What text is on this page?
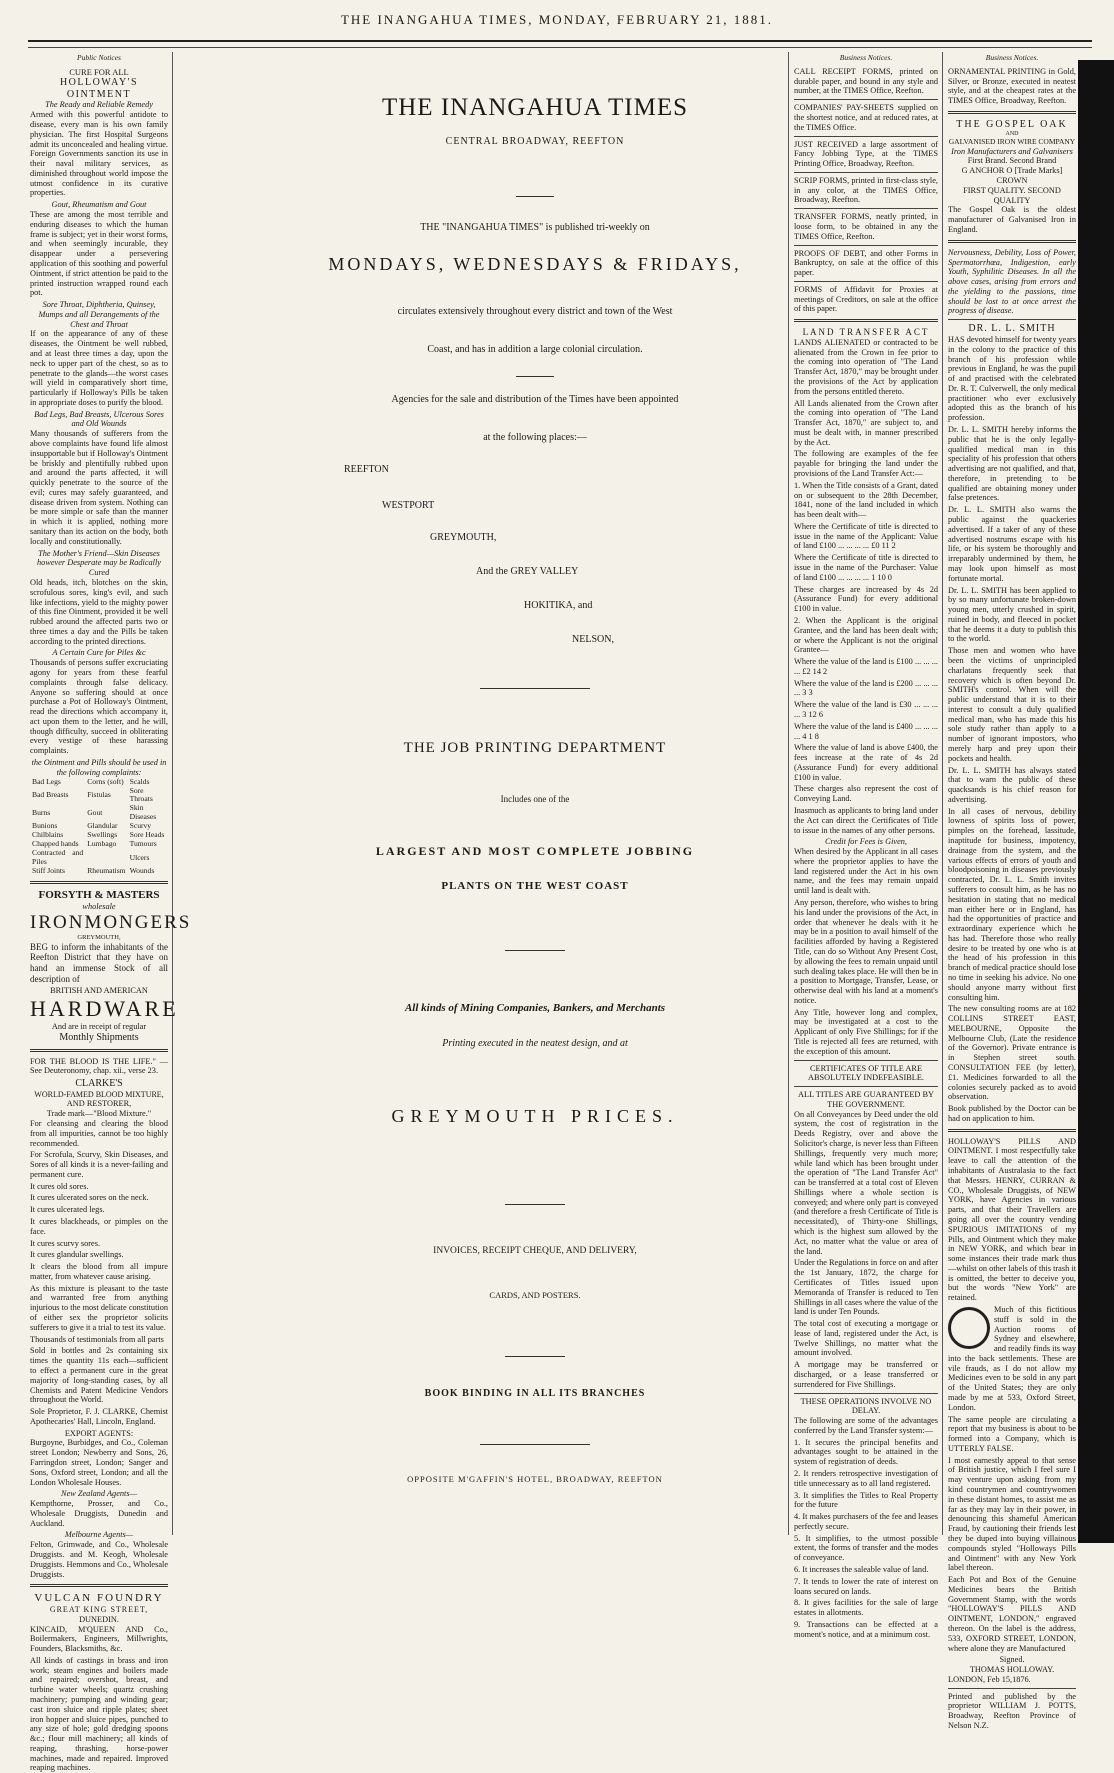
THE INANGAHUA TIMES, MONDAY, FEBRUARY 21, 1881.
Public Notices
CURE FOR ALL
HOLLOWAY'S OINTMENT
The Ready and Reliable Remedy

Armed with this powerful antidote to disease, every man is his own family physician. The first Hospital Surgeons admit its unconcealed and healing virtue. Foreign Governments sanction its use in their naval military services, as diminished throughout world impose the utmost confidence in its curative properties.

Gout, Rheumatism and Gout

These are among the most terrible and enduring diseases to which the human frame is subject; yet in their worst forms, and when seemingly incurable, they disappear under a persevering application of this soothing and powerful Ointment, if strict attention be paid to the printed instruction wrapped round each pot.

Sore Throat, Diphtheria, Quinsey, Mumps and all Derangements of the Chest and Throat

If on the appearance of any of these diseases, the Ointment be well rubbed, and at least three times a day, upon the neck to upper part of the chest, so as to penetrate to the glands—the worst cases will yield in comparatively short time, particularly if Holloway's Pills be taken in appropriate doses to purify the blood.

Bad Legs, Bad Breasts, Ulcerous Sores and Old Wounds

Many thousands of sufferers from the above complaints have found life almost insupportable but if Holloway's Ointment be briskly and plentifully rubbed upon and around the parts affected, it will quickly penetrate to the source of the evil; cures may safely guaranteed, and disease driven from system. Nothing can be more simple or safe than the manner in which it is applied, nothing more sanitary than its action on the body, both locally and constitutionally.

The Mother's Friend—Skin Diseases however Desperate may be Radically Cured

Old heads, itch, blotches on the skin, scrofulous sores, king's evil, and such like infections, yield to the mighty power of this fine Ointment, provided it be well rubbed around the affected parts two or three times a day and the Pills be taken according to the printed directions.

A Certain Cure for Piles &c

Thousands of persons suffer excruciating agony for years from these fearful complaints through false delicacy. Anyone so suffering should at once purchase a Pot of Holloway's Ointment, read the directions which accompany it, act upon them to the letter, and he will, though difficulty, succeed in obliterating every vestige of these harassing complaints.

the Ointment and Pills should be used in the following complaints:
Bad Legs	Corns (soft)	Scalds
Bad Breasts	Fistulas	Sore Throats
Burns	Gout	Skin Diseases
Bunions	Glandular	Scurvy
Chilblains	Swellings	Sore Heads
Chapped hands	Lumbago	Tumours
Contracted and Piles		Ulcers
Stiff Joints	Rheumatism	Wounds
FORSYTH & MASTERS
wholesale
IRONMONGERS
GREYMOUTH,

BEG to inform the inhabitants of the Reefton District that they have on hand an immense Stock of all description of

BRITISH AND AMERICAN
HARDWARE
And are in receipt of regular
Monthly Shipments

FOR THE BLOOD IS THE LIFE." —See Deuteronomy, chap. xii., verse 23.

CLARKE'S
WORLD-FAMED BLOOD MIXTURE,
AND RESTORER,
Trade mark—"Blood Mixture."

For cleansing and clearing the blood from all impurities, cannot be too highly recommended.

For Scrofula, Scurvy, Skin Diseases, and Sores of all kinds it is a never-failing and permanent cure.

It cures old sores.

It cures ulcerated sores on the neck.

It cures ulcerated legs.

It cures blackheads, or pimples on the face.

It cures scurvy sores.

It cures glandular swellings.

It clears the blood from all impure matter, from whatever cause arising.

As this mixture is pleasant to the taste and warranted free from anything injurious to the most delicate constitution of either sex the proprietor solicits sufferers to give it a trial to test its value.

Thousands of testimonials from all parts

Sold in bottles and 2s containing six times the quantity 11s each—sufficient to effect a permanent cure in the great majority of long-standing cases, by all Chemists and Patent Medicine Vendors throughout the World.

Sole Proprietor, F. J. CLARKE, Chemist Apothecaries' Hall, Lincoln, England.

EXPORT AGENTS:

Burgoyne, Burbidges, and Co., Coleman street London; Newberry and Sons, 26, Farringdon street, London; Sanger and Sons, Oxford street, London; and all the London Wholesale Houses.

New Zealand Agents—

Kempthorne, Prosser, and Co., Wholesale Druggists, Dunedin and Auckland.

Melbourne Agents—

Felton, Grimwade, and Co., Wholesale Druggists. and M. Keogh, Wholesale Druggists. Hemmons and Co., Wholesale Druggists.

VULCAN FOUNDRY
GREAT KING STREET,
DUNEDIN.

KINCAID, M'QUEEN AND Co., Boilermakers, Engineers, Millwrights, Founders, Blacksmiths, &c.

All kinds of castings in brass and iron work; steam engines and boilers made and repaired; overshot, breast, and turbine water wheels; quartz crushing machinery; pumping and winding gear; cast iron sluice and ripple plates; sheet iron hopper and sluice pipes, punched to any size of hole; gold dredging spoons &c.; flour mill machinery; all kinds of reaping, thrashing, horse-power machines, made and repaired. Improved reaping machines.

THE INANGAHUA TIMES
CENTRAL BROADWAY, REEFTON
THE "INANGAHUA TIMES" is published tri-weekly on
MONDAYS, WEDNESDAYS & FRIDAYS,
circulates extensively throughout every district and town of the West
Coast, and has in addition a large colonial circulation.
Agencies for the sale and distribution of the Times have been appointed
at the following places:—
REEFTON
WESTPORT
GREYMOUTH,
And the GREY VALLEY
HOKITIKA, and
NELSON,
THE JOB PRINTING DEPARTMENT
Includes one of the
LARGEST AND MOST COMPLETE JOBBING
PLANTS ON THE WEST COAST
All kinds of Mining Companies, Bankers, and Merchants
Printing executed in the neatest design, and at
GREYMOUTH PRICES.
INVOICES, RECEIPT CHEQUE, AND DELIVERY,
CARDS, AND POSTERS.
BOOK BINDING IN ALL ITS BRANCHES
OPPOSITE M'GAFFIN'S HOTEL, BROADWAY, REEFTON
Business Notices.

CALL RECEIPT FORMS, printed on durable paper, and bound in any style and number, at the TIMES Office, Reefton.

COMPANIES' PAY-SHEETS supplied on the shortest notice, and at reduced rates, at the TIMES Office.

JUST RECEIVED a large assortment of Fancy Jobbing Type, at the TIMES Printing Office, Broadway, Reefton.

SCRIP FORMS, printed in first-class style, in any color, at the TIMES Office, Broadway, Reefton.

TRANSFER FORMS, neatly printed, in loose form, to be obtained in any the TIMES Office, Reefton.

PROOFS OF DEBT, and other Forms in Bankruptcy, on sale at the office of this paper.

FORMS of Affidavit for Proxies at meetings of Creditors, on sale at the office of this paper.

LAND TRANSFER ACT

LANDS ALIENATED or contracted to be alienated from the Crown in fee prior to the coming into operation of "The Land Transfer Act, 1870," may be brought under the provisions of the Act by application from the persons entitled thereto.

All Lands alienated from the Crown after the coming into operation of "The Land Transfer Act, 1870," are subject to, and must be dealt with, in manner prescribed by the Act.

The following are examples of the fee payable for bringing the land under the provisions of the Land Transfer Act:—

1. When the Title consists of a Grant, dated on or subsequent to the 28th December, 1841, none of the land included in which has been dealt with—

Where the Certificate of title is directed to issue in the name of the Applicant: Value of land £100 ... ... ... ... £0 11 2

Where the Certificate of title is directed to issue in the name of the Purchaser: Value of land £100 ... ... ... ... 1 10 0

These charges are increased by 4s 2d (Assurance Fund) for every additional £100 in value.

2. When the Applicant is the original Grantee, and the land has been dealt with; or where the Applicant is not the original Grantee—

Where the value of the land is £100 ... ... ... ... £2 14 2

Where the value of the land is £200 ... ... ... ... 3 3

Where the value of the land is £30 ... ... ... ... 3 12 6

Where the value of the land is £400 ... ... ... ... 4 1 8

Where the value of land is above £400, the fees increase at the rate of 4s 2d (Assurance Fund) for every additional £100 in value.

These charges also represent the cost of Conveying Land.

Inasmuch as applicants to bring land under the Act can direct the Certificates of Title to issue in the names of any other persons.

Credit for Fees is Given,

When desired by the Applicant in all cases where the proprietor applies to have the land registered under the Act in his own name, and the fees may remain unpaid until land is dealt with.

Any person, therefore, who wishes to bring his land under the provisions of the Act, in order that whenever he deals with it he may be in a position to avail himself of the facilities afforded by having a Registered Title, can do so Without Any Present Cost, by allowing the fees to remain unpaid until such dealing takes place. He will then be in a position to Mortgage, Transfer, Lease, or otherwise deal with his land at a moment's notice.

Any Title, however long and complex, may be investigated at a cost to the Applicant of only Five Shillings; for if the Title is rejected all fees are returned, with the exception of this amount.

CERTIFICATES OF TITLE ARE ABSOLUTELY INDEFEASIBLE.
ALL TITLES ARE GUARANTEED BY THE GOVERNMENT.

On all Conveyances by Deed under the old system, the cost of registration in the Deeds Registry, over and above the Solicitor's charge, is never less than Fifteen Shillings, frequently very much more; while land which has been brought under the operation of "The Land Transfer Act" can be transferred at a total cost of Eleven Shillings where a whole section is conveyed; and where only part is conveyed (and therefore a fresh Certificate of Title is necessitated), of Thirty-one Shillings, which is the highest sum allowed by the Act, no matter what the value or area of the land.

Under the Regulations in force on and after the 1st January, 1872, the charge for Certificates of Titles issued upon Memoranda of Transfer is reduced to Ten Shillings in all cases where the value of the land is under Ten Pounds.

The total cost of executing a mortgage or lease of land, registered under the Act, is Twelve Shillings, no matter what the amount involved.

A mortgage may be transferred or discharged, or a lease transferred or surrendered for Five Shillings.

THESE OPERATIONS INVOLVE NO DELAY.

The following are some of the advantages conferred by the Land Transfer system:—

1. It secures the principal benefits and advantages sought to be attained in the system of registration of deeds.

2. It renders retrospective investigation of title unnecessary as to all land registered.

3. It simplifies the Titles to Real Property for the future

4. It makes purchasers of the fee and leases perfectly secure.

5. It simplifies, to the utmost possible extent, the forms of transfer and the modes of conveyance.

6. It increases the saleable value of land.

7. It tends to lower the rate of interest on loans secured on lands.

8. It gives facilities for the sale of large estates in allotments.

9. Transactions can be effected at a moment's notice, and at a minimum cost.

Business Notices.

ORNAMENTAL PRINTING in Gold, Silver, or Bronze, executed in neatest style, and at the cheapest rates at the TIMES Office, Broadway, Reefton.

THE GOSPEL OAK
AND
GALVANISED IRON WIRE COMPANY
Iron Manufacturers and Galvanisers
First Brand. Second Brand
G ANCHOR O [Trade Marks] CROWN
FIRST QUALITY. SECOND QUALITY

The Gospel Oak is the oldest manufacturer of Galvanised Iron in England.

Nervousness, Debility, Loss of Power, Spermatorrhœa, Indigestion, early Youth, Syphilitic Diseases. In all the above cases, arising from errors and the yielding to the passions, time should be lost to at once arrest the progress of disease.

DR. L. L. SMITH

HAS devoted himself for twenty years in the colony to the practice of this branch of his profession while previous in England, he was the pupil of and practised with the celebrated Dr. R. T. Culverwell, the only medical practitioner who ever exclusively adopted this as the branch of his profession.

Dr. L. L. SMITH hereby informs the public that he is the only legally-qualified medical man in this speciality of his profession that others advertising are not qualified, and that, therefore, in pretending to be qualified are obtaining money under false pretences.

Dr. L. L. SMITH also warns the public against the quackeries advertised. If a taker of any of these advertised nostrums escape with his life, or his system be thoroughly and irreparably undermined by them, he may look upon himself as most fortunate mortal.

Dr. L. L. SMITH has been applied to by so many unfortunate broken-down young men, utterly crushed in spirit, ruined in body, and fleeced in pocket that he deems it a duty to publish this to the world.

Those men and women who have been the victims of unprincipled charlatans frequently seek that recovery which is often beyond Dr. SMITH's control. When will the public understand that it is to their interest to consult a duly qualified medical man, who has made this his sole study rather than apply to a number of ignorant impostors, who merely harp and prey upon their pockets and health.

Dr. L. L. SMITH has always stated that to warn the public of these quacksands is his chief reason for advertising.

In all cases of nervous, debility lowness of spirits loss of power, pimples on the forehead, lassitude, inaptitude for business, impotency, drainage from the system, and the various effects of errors of youth and bloodpoisoning in diseases previously contracted, Dr. L. L. Smith invites sufferers to consult him, as he has no hesitation in stating that no medical man either here or in England, has had the opportunities of practice and extraordinary experience which he has had. Therefore those who really desire to be treated by one who is at the head of his profession in this branch of medical practice should lose no time in seeking his advice. No one should anyone marry without first consulting him.

The new consulting rooms are at 182 COLLINS STREET EAST, MELBOURNE, Opposite the Melbourne Club, (Late the residence of the Governor). Private entrance is in Stephen street south. CONSULTATION FEE (by letter), £1. Medicines forwarded to all the colonies securely packed as to avoid observation.

Book published by the Doctor can be had on application to him.

HOLLOWAY'S PILLS AND OINTMENT. I most respectfully take leave to call the attention of the inhabitants of Australasia to the fact that Messrs. HENRY, CURRAN & CO., Wholesale Druggists, of NEW YORK, have Agencies in various parts, and that their Travellers are going all over the country vending SPURIOUS IMITATIONS of my Pills, and Ointment which they make in NEW YORK, and which bear in some instances their trade mark thus—whilst on other labels of this trash it is omitted, the better to deceive you, but the words "New York" are retained.

Much of this fictitious stuff is sold in the Auction rooms of Sydney and elsewhere, and readily finds its way into the back settlements. These are vile frauds, as I do not allow my Medicines even to be sold in any part of the United States; they are only made by me at 533, Oxford Street, London.

The same people are circulating a report that my business is about to be formed into a Company, which is UTTERLY FALSE.

I most earnestly appeal to that sense of British justice, which I feel sure I may venture upon asking from my kind countrymen and countrywomen in these distant homes, to assist me as far as they may lay in their power, in denouncing this shameful American Fraud, by cautioning their friends lest they be duped into buying villainous compounds styled "Holloways Pills and Ointment" with any New York label thereon.

Each Pot and Box of the Genuine Medicines bears the British Government Stamp, with the words "HOLLOWAY'S PILLS AND OINTMENT, LONDON," engraved thereon. On the label is the address, 533, OXFORD STREET, LONDON, where alone they are Manufactured

Signed.
THOMAS HOLLOWAY.
LONDON, Feb 15,1876.
Printed and published by the proprietor WILLIAM J. POTTS, Broadway, Reefton Province of Nelson N.Z.
